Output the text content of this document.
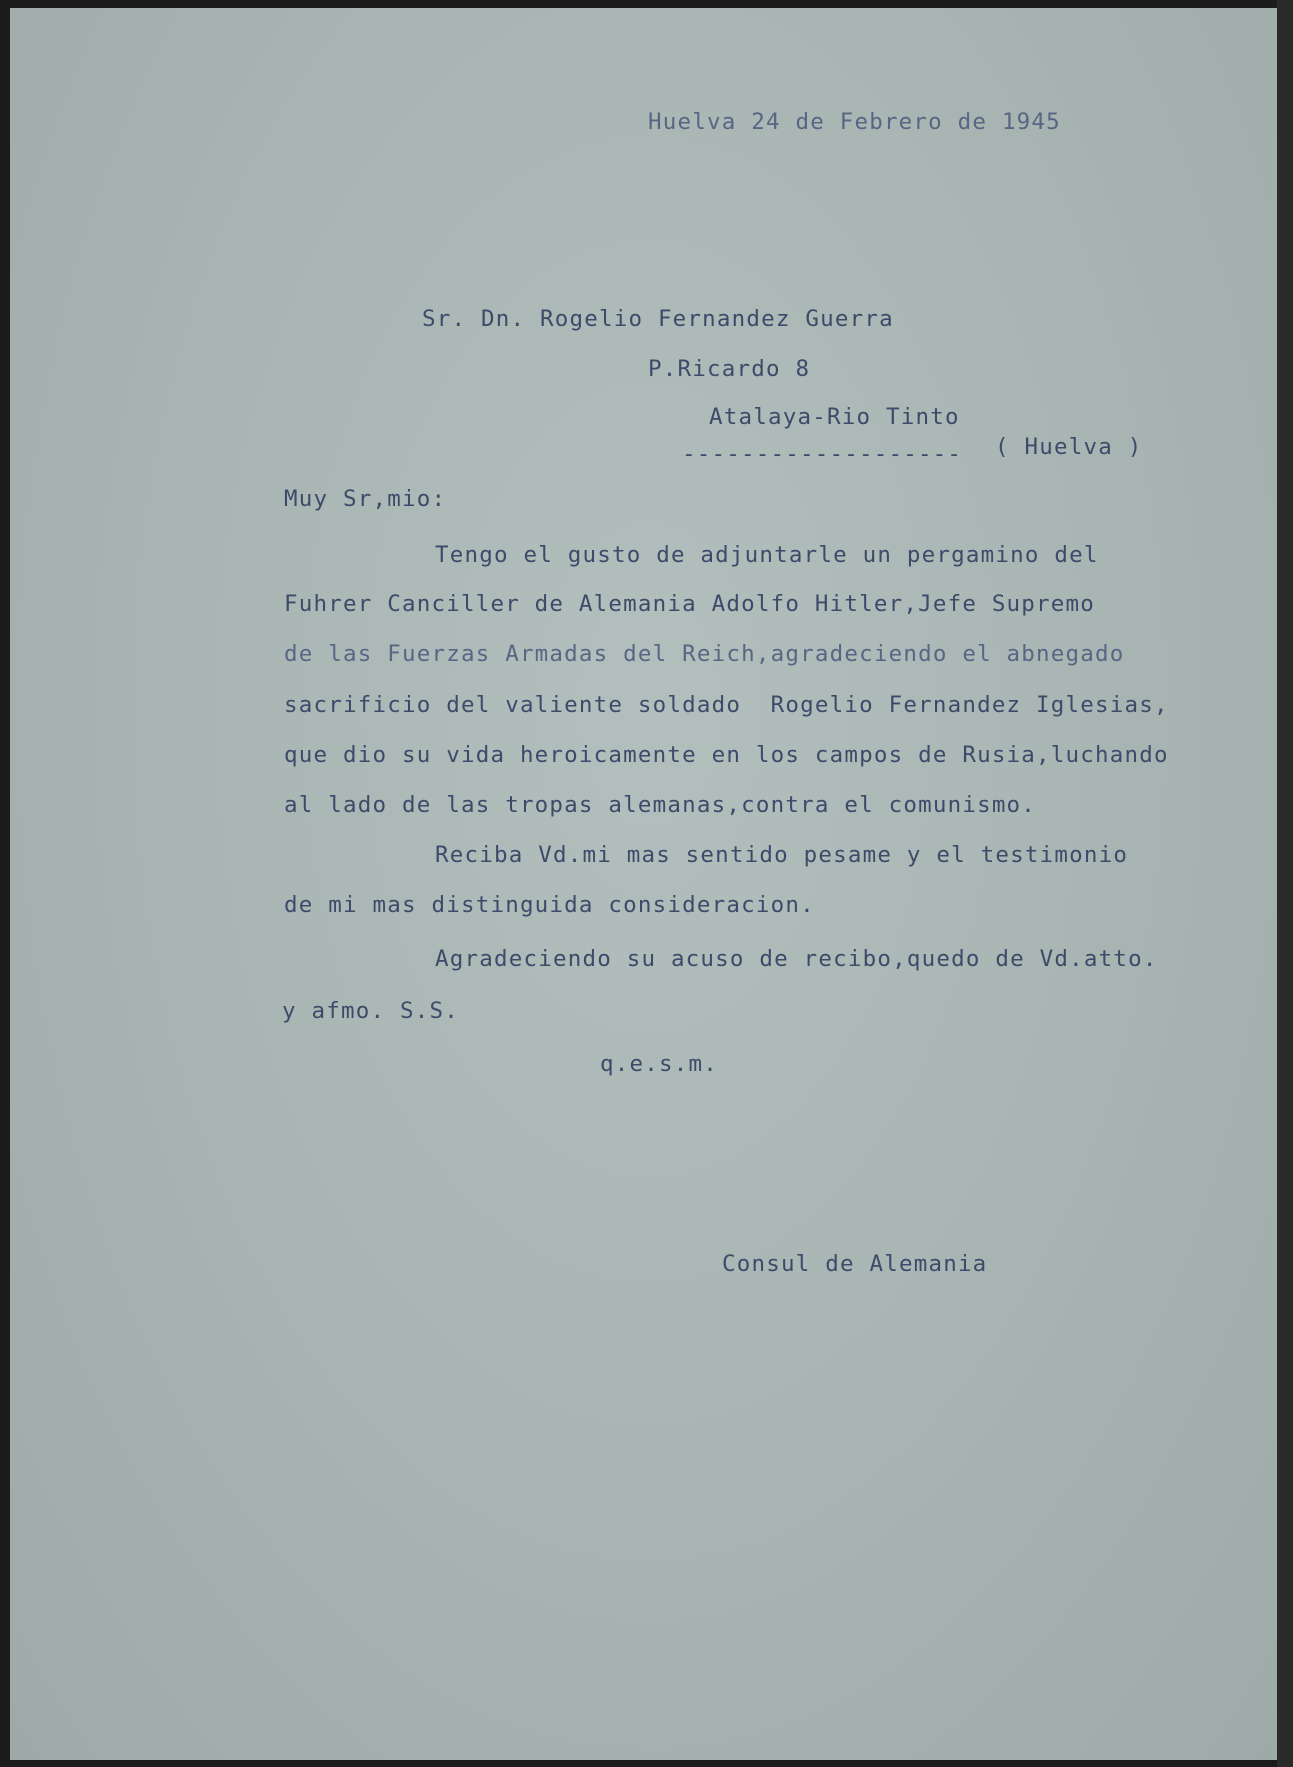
Huelva 24 de Febrero de 1945
Sr. Dn. Rogelio Fernandez Guerra
P.Ricardo 8
Atalaya-Rio Tinto
------------------- ( Huelva )
Muy Sr,mio:
Tengo el gusto de adjuntarle un pergamino del
Fuhrer Canciller de Alemania Adolfo Hitler,Jefe Supremo
de las Fuerzas Armadas del Reich,agradeciendo el abnegado
sacrificio del valiente soldado  Rogelio Fernandez Iglesias,
que dio su vida heroicamente en los campos de Rusia,luchando
al lado de las tropas alemanas,contra el comunismo.
Reciba Vd.mi mas sentido pesame y el testimonio
de mi mas distinguida consideracion.
Agradeciendo su acuso de recibo,quedo de Vd.atto.
y afmo. S.S.
q.e.s.m.
Consul de Alemania
